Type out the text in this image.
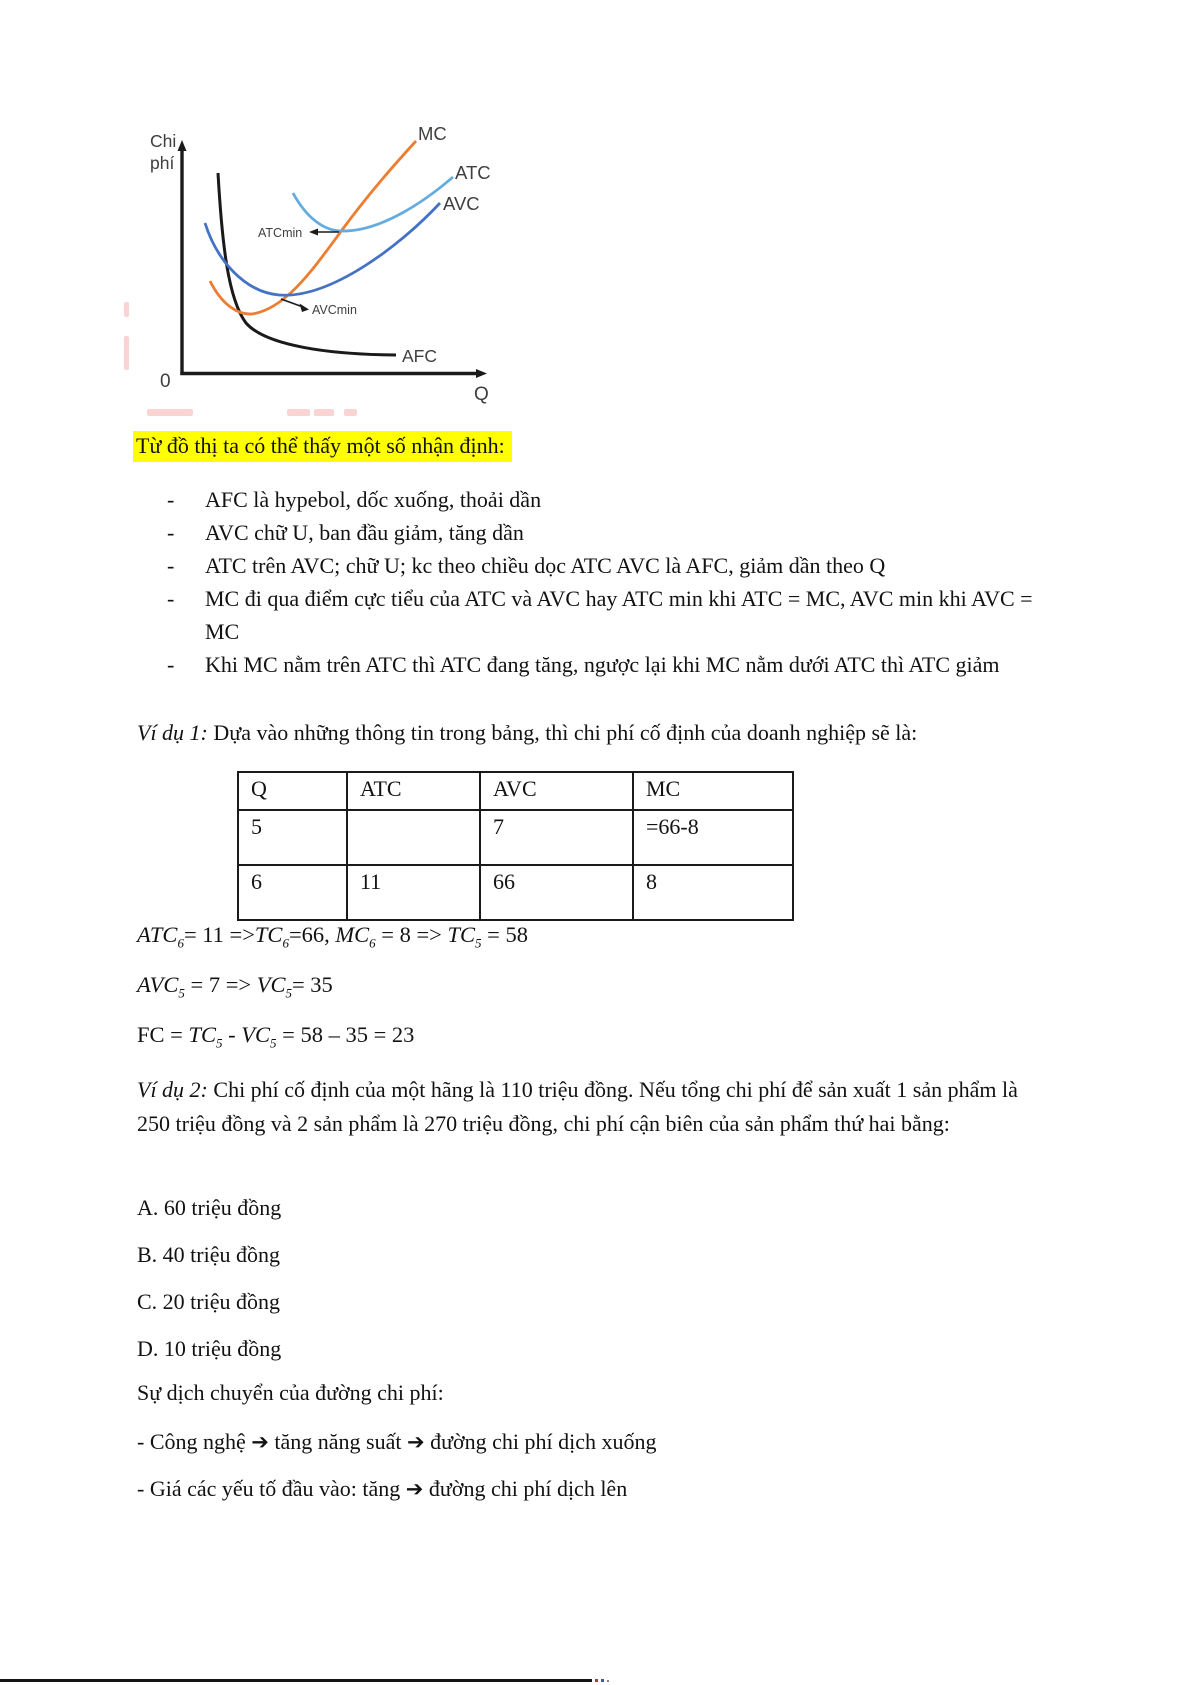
Chi
phí
0
Q
MC
ATC
AVC
AFC
ATCmin
AVCmin
Từ đồ thị ta có thể thấy một số nhận định:
-	AFC là hypebol, dốc xuống, thoải dần
-	AVC chữ U, ban đầu giảm, tăng dần
-	ATC trên AVC; chữ U; kc theo chiều dọc ATC AVC là AFC, giảm dần theo Q
-	MC đi qua điểm cực tiểu của ATC và AVC hay ATC min khi ATC = MC, AVC min khi AVC = MC
-	Khi MC nằm trên ATC thì ATC đang tăng, ngược lại khi MC nằm dưới ATC thì ATC giảm
Ví dụ 1: Dựa vào những thông tin trong bảng, thì chi phí cố định của doanh nghiệp sẽ là:
Q	ATC	AVC	MC
5		7	=66-8
6	11	66	8
$ATC_6= 11 =>TC_6=66$, $MC_6 = 8 => TC_5 = 58$
$AVC_5 = 7 => VC_5= 35$
FC = $TC_5 - VC_5 = 58 - 35 = 23$
Ví dụ 2: Chi phí cố định của một hãng là 110 triệu đồng. Nếu tổng chi phí để sản xuất 1 sản phẩm là 250 triệu đồng và 2 sản phẩm là 270 triệu đồng, chi phí cận biên của sản phẩm thứ hai bằng:
A. 60 triệu đồng
B. 40 triệu đồng
C. 20 triệu đồng
D. 10 triệu đồng
Sự dịch chuyển của đường chi phí:
- Công nghệ ➔ tăng năng suất ➔ đường chi phí dịch xuống
- Giá các yếu tố đầu vào: tăng ➔ đường chi phí dịch lên
